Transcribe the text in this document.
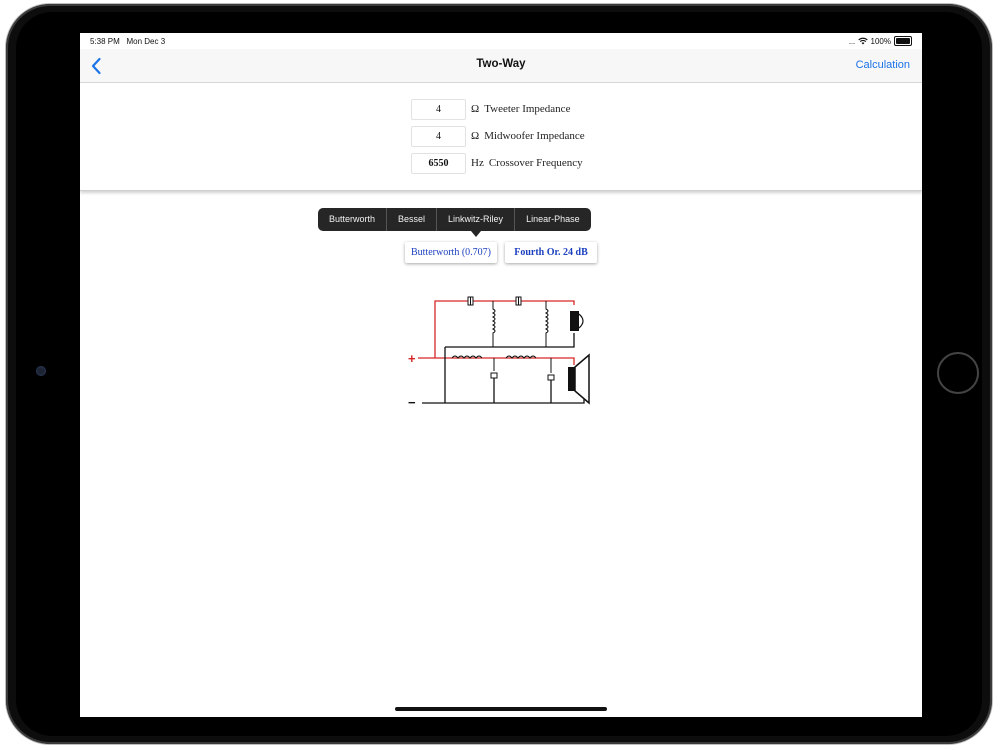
5:38 PM Mon Dec 3	..... 100%
Two-Way	Calculation
4	Ω Tweeter Impedance
4	Ω Midwoofer Impedance
6550	Hz Crossover Frequency
Butterworth	Bessel	Linkwitz-Riley	Linear-Phase
Butterworth (0.707)	Fourth Or. 24 dB
+
−
